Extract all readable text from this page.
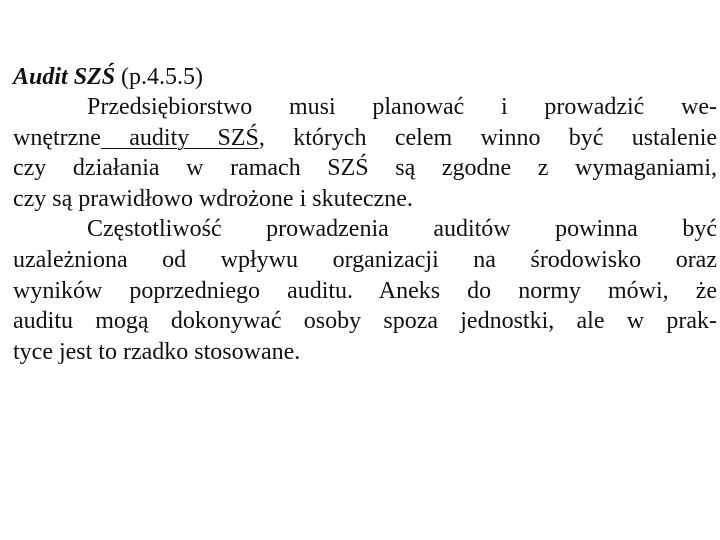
Audit SZŚ (p.4.5.5)
Przedsiębiorstwo musi planować i prowadzić we-
wnętrzne audity SZŚ, których celem winno być ustalenie
czy działania w ramach SZŚ są zgodne z wymaganiami,
czy są prawidłowo wdrożone i skuteczne.
Częstotliwość prowadzenia auditów powinna być
uzależniona od wpływu organizacji na środowisko oraz
wyników poprzedniego auditu. Aneks do normy mówi, że
auditu mogą dokonywać osoby spoza jednostki, ale w prak-
tyce jest to rzadko stosowane.
